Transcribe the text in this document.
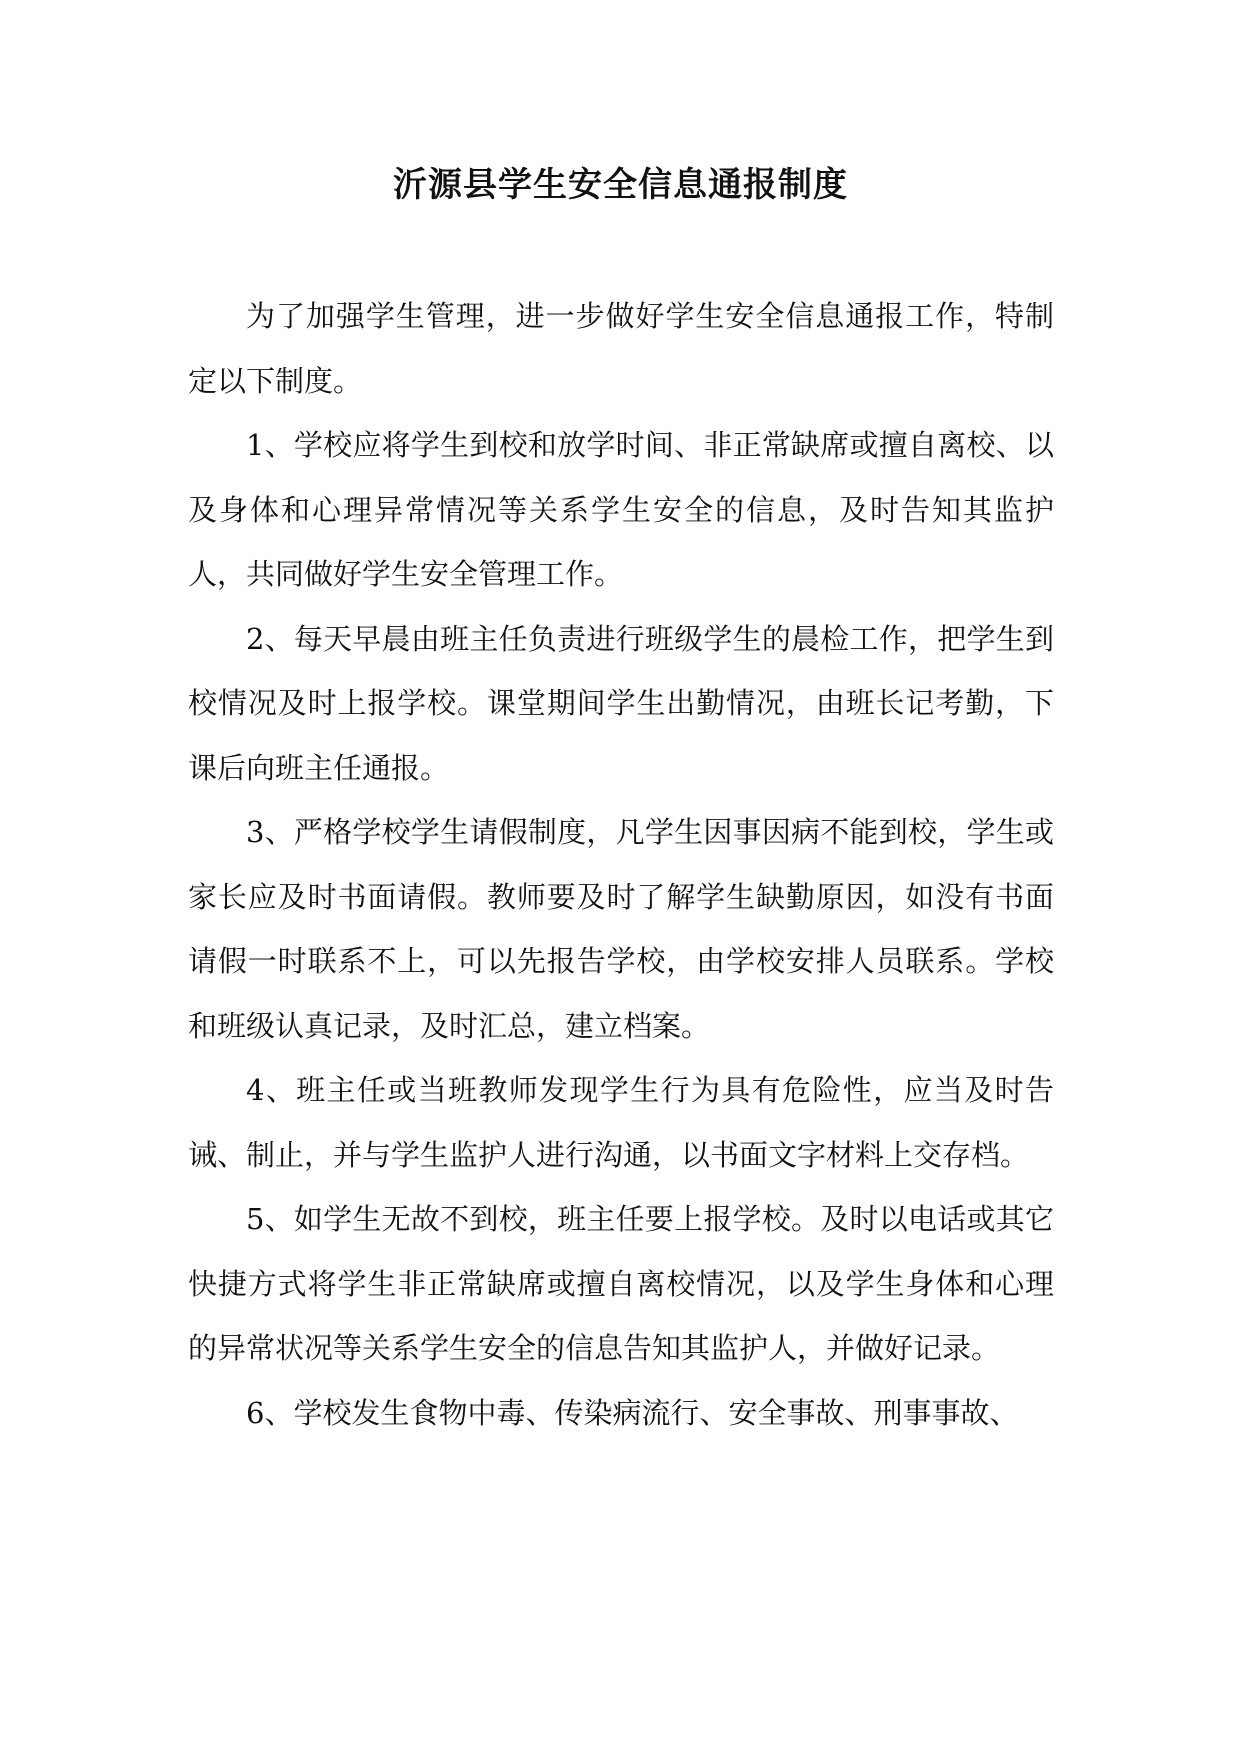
沂源县学生安全信息通报制度

为了加强学生管理，进一步做好学生安全信息通报工作，特制定以下制度。

1、学校应将学生到校和放学时间、非正常缺席或擅自离校、以及身体和心理异常情况等关系学生安全的信息，及时告知其监护人，共同做好学生安全管理工作。

2、每天早晨由班主任负责进行班级学生的晨检工作，把学生到校情况及时上报学校。课堂期间学生出勤情况，由班长记考勤，下课后向班主任通报。

3、严格学校学生请假制度，凡学生因事因病不能到校，学生或家长应及时书面请假。教师要及时了解学生缺勤原因，如没有书面请假一时联系不上，可以先报告学校，由学校安排人员联系。学校和班级认真记录，及时汇总，建立档案。

4、班主任或当班教师发现学生行为具有危险性，应当及时告诫、制止，并与学生监护人进行沟通，以书面文字材料上交存档。

5、如学生无故不到校，班主任要上报学校。及时以电话或其它快捷方式将学生非正常缺席或擅自离校情况，以及学生身体和心理的异常状况等关系学生安全的信息告知其监护人，并做好记录。

6、学校发生食物中毒、传染病流行、安全事故、刑事事故、
